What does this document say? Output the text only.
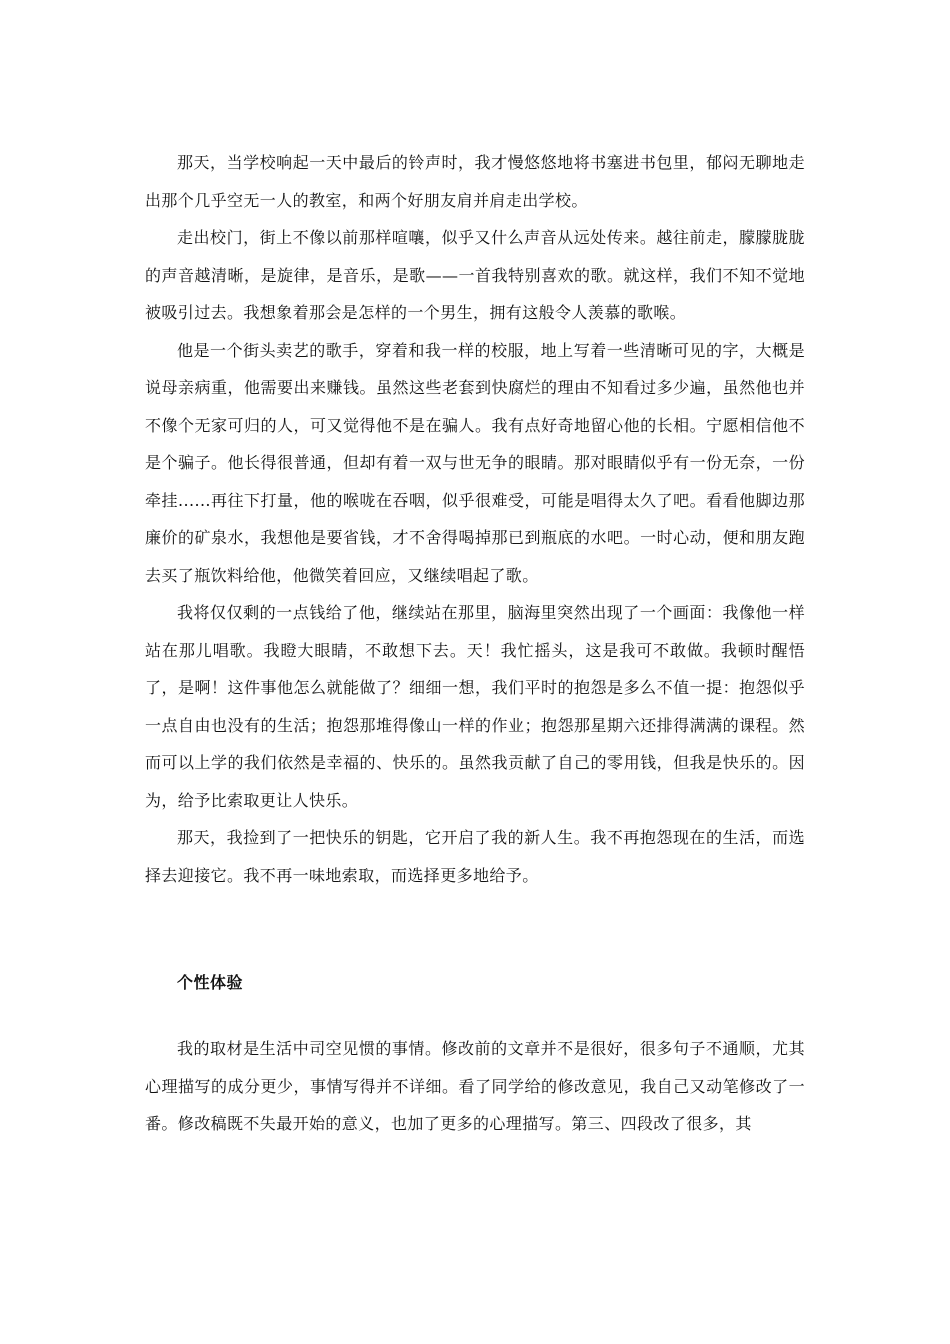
那天，当学校响起一天中最后的铃声时，我才慢悠悠地将书塞进书包里，郁闷无聊地走出那个几乎空无一人的教室，和两个好朋友肩并肩走出学校。

走出校门，街上不像以前那样喧嚷，似乎又什么声音从远处传来。越往前走，朦朦胧胧的声音越清晰，是旋律，是音乐，是歌——一首我特别喜欢的歌。就这样，我们不知不觉地被吸引过去。我想象着那会是怎样的一个男生，拥有这般令人羡慕的歌喉。

他是一个街头卖艺的歌手，穿着和我一样的校服，地上写着一些清晰可见的字，大概是说母亲病重，他需要出来赚钱。虽然这些老套到快腐烂的理由不知看过多少遍，虽然他也并不像个无家可归的人，可又觉得他不是在骗人。我有点好奇地留心他的长相。宁愿相信他不是个骗子。他长得很普通，但却有着一双与世无争的眼睛。那对眼睛似乎有一份无奈，一份牵挂......再往下打量，他的喉咙在吞咽，似乎很难受，可能是唱得太久了吧。看看他脚边那廉价的矿泉水，我想他是要省钱，才不舍得喝掉那已到瓶底的水吧。一时心动，便和朋友跑去买了瓶饮料给他，他微笑着回应，又继续唱起了歌。

我将仅仅剩的一点钱给了他，继续站在那里，脑海里突然出现了一个画面：我像他一样站在那儿唱歌。我瞪大眼睛，不敢想下去。天！我忙摇头，这是我可不敢做。我顿时醒悟了，是啊！这件事他怎么就能做了？细细一想，我们平时的抱怨是多么不值一提：抱怨似乎一点自由也没有的生活；抱怨那堆得像山一样的作业；抱怨那星期六还排得满满的课程。然而可以上学的我们依然是幸福的、快乐的。虽然我贡献了自己的零用钱，但我是快乐的。因为，给予比索取更让人快乐。

那天，我捡到了一把快乐的钥匙，它开启了我的新人生。我不再抱怨现在的生活，而选择去迎接它。我不再一味地索取，而选择更多地给予。

个性体验

我的取材是生活中司空见惯的事情。修改前的文章并不是很好，很多句子不通顺，尤其心理描写的成分更少，事情写得并不详细。看了同学给的修改意见，我自己又动笔修改了一番。修改稿既不失最开始的意义，也加了更多的心理描写。第三、四段改了很多，其
